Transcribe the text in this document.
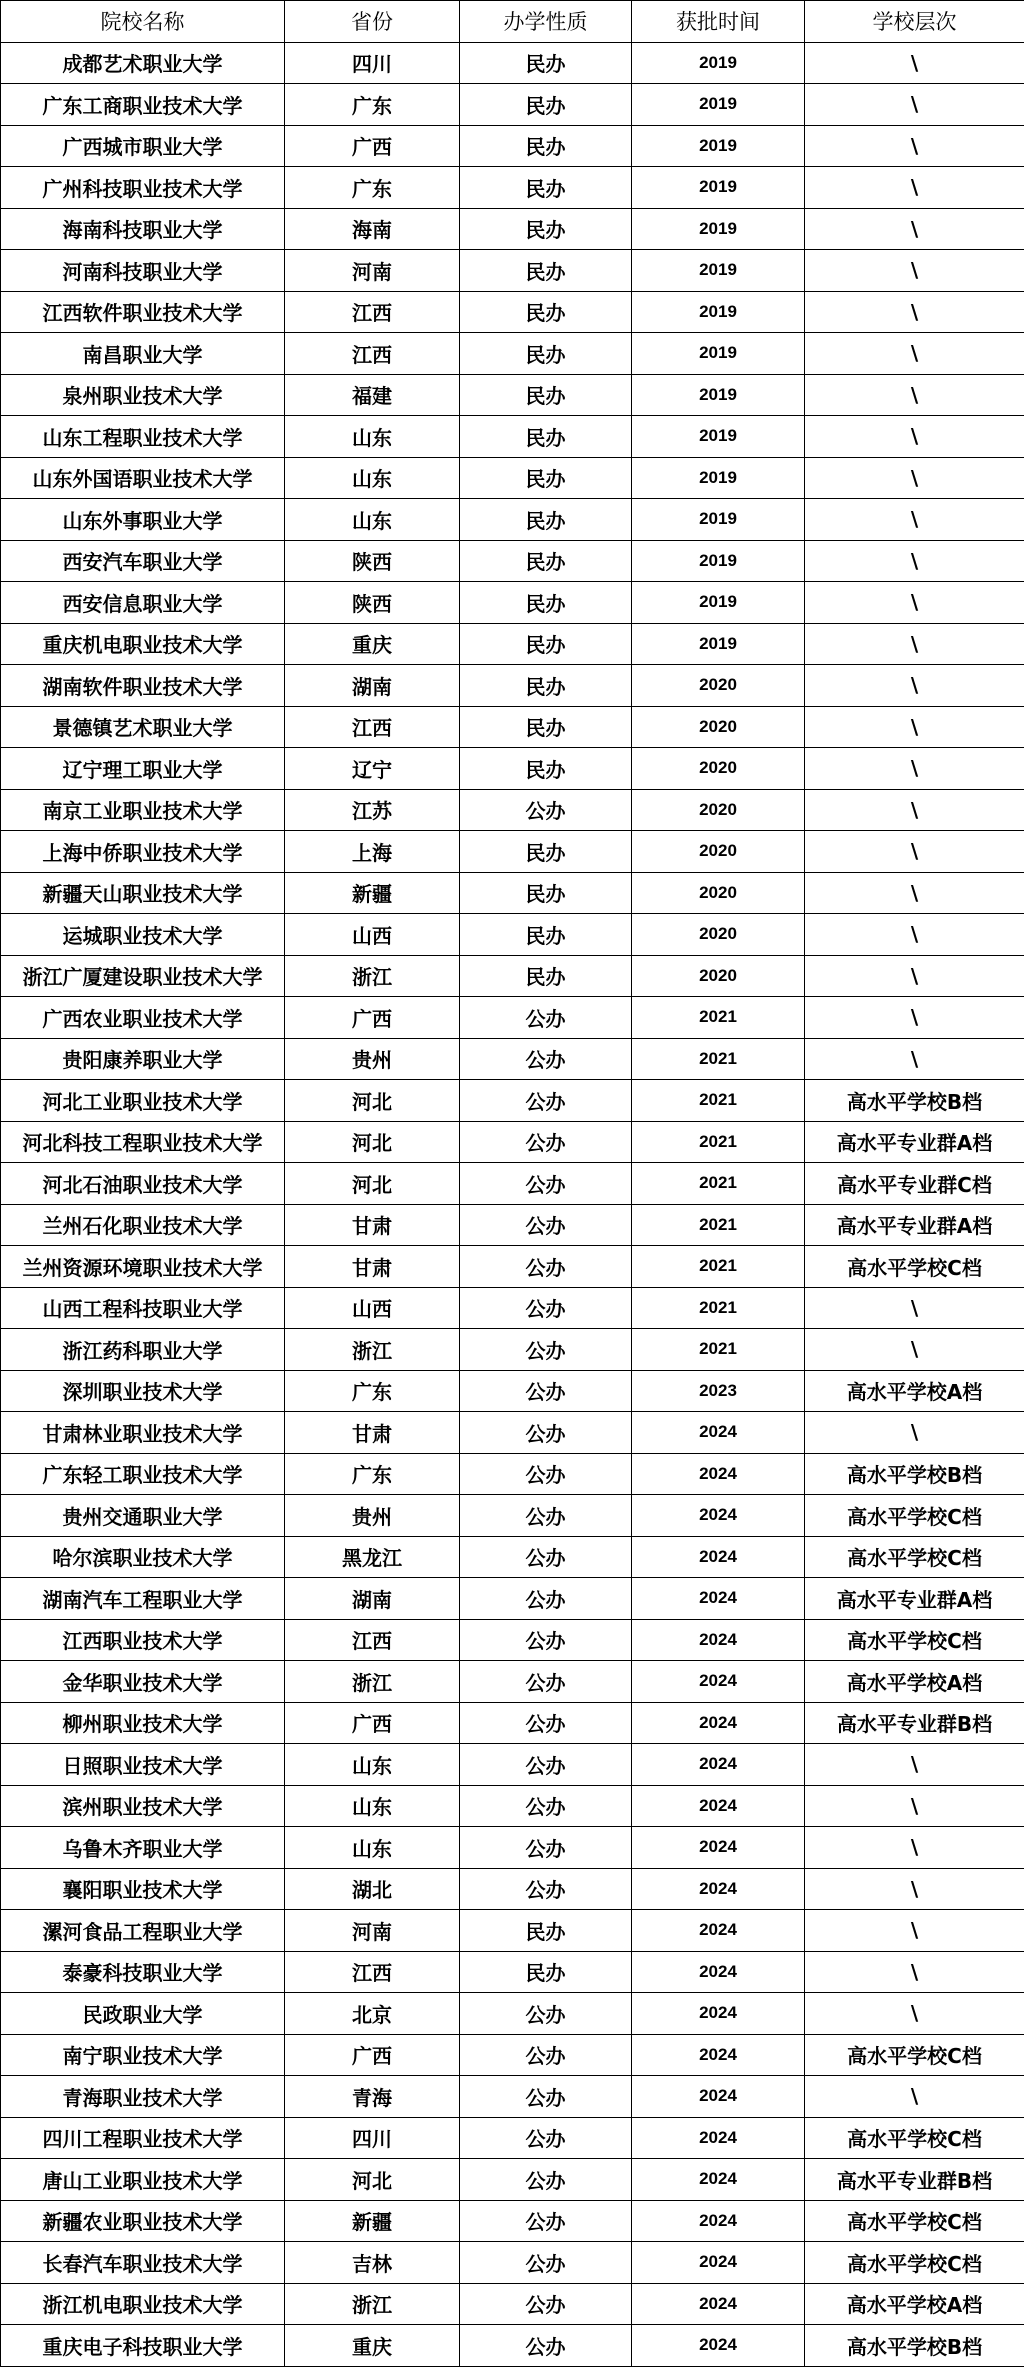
院校名称	省份	办学性质	获批时间	学校层次
成都艺术职业大学	四川	民办	2019	\
广东工商职业技术大学	广东	民办	2019	\
广西城市职业大学	广西	民办	2019	\
广州科技职业技术大学	广东	民办	2019	\
海南科技职业大学	海南	民办	2019	\
河南科技职业大学	河南	民办	2019	\
江西软件职业技术大学	江西	民办	2019	\
南昌职业大学	江西	民办	2019	\
泉州职业技术大学	福建	民办	2019	\
山东工程职业技术大学	山东	民办	2019	\
山东外国语职业技术大学	山东	民办	2019	\
山东外事职业大学	山东	民办	2019	\
西安汽车职业大学	陕西	民办	2019	\
西安信息职业大学	陕西	民办	2019	\
重庆机电职业技术大学	重庆	民办	2019	\
湖南软件职业技术大学	湖南	民办	2020	\
景德镇艺术职业大学	江西	民办	2020	\
辽宁理工职业大学	辽宁	民办	2020	\
南京工业职业技术大学	江苏	公办	2020	\
上海中侨职业技术大学	上海	民办	2020	\
新疆天山职业技术大学	新疆	民办	2020	\
运城职业技术大学	山西	民办	2020	\
浙江广厦建设职业技术大学	浙江	民办	2020	\
广西农业职业技术大学	广西	公办	2021	\
贵阳康养职业大学	贵州	公办	2021	\
河北工业职业技术大学	河北	公办	2021	高水平学校B档
河北科技工程职业技术大学	河北	公办	2021	高水平专业群A档
河北石油职业技术大学	河北	公办	2021	高水平专业群C档
兰州石化职业技术大学	甘肃	公办	2021	高水平专业群A档
兰州资源环境职业技术大学	甘肃	公办	2021	高水平学校C档
山西工程科技职业大学	山西	公办	2021	\
浙江药科职业大学	浙江	公办	2021	\
深圳职业技术大学	广东	公办	2023	高水平学校A档
甘肃林业职业技术大学	甘肃	公办	2024	\
广东轻工职业技术大学	广东	公办	2024	高水平学校B档
贵州交通职业大学	贵州	公办	2024	高水平学校C档
哈尔滨职业技术大学	黑龙江	公办	2024	高水平学校C档
湖南汽车工程职业大学	湖南	公办	2024	高水平专业群A档
江西职业技术大学	江西	公办	2024	高水平学校C档
金华职业技术大学	浙江	公办	2024	高水平学校A档
柳州职业技术大学	广西	公办	2024	高水平专业群B档
日照职业技术大学	山东	公办	2024	\
滨州职业技术大学	山东	公办	2024	\
乌鲁木齐职业大学	山东	公办	2024	\
襄阳职业技术大学	湖北	公办	2024	\
漯河食品工程职业大学	河南	民办	2024	\
泰豪科技职业大学	江西	民办	2024	\
民政职业大学	北京	公办	2024	\
南宁职业技术大学	广西	公办	2024	高水平学校C档
青海职业技术大学	青海	公办	2024	\
四川工程职业技术大学	四川	公办	2024	高水平学校C档
唐山工业职业技术大学	河北	公办	2024	高水平专业群B档
新疆农业职业技术大学	新疆	公办	2024	高水平学校C档
长春汽车职业技术大学	吉林	公办	2024	高水平学校C档
浙江机电职业技术大学	浙江	公办	2024	高水平学校A档
重庆电子科技职业大学	重庆	公办	2024	高水平学校B档
